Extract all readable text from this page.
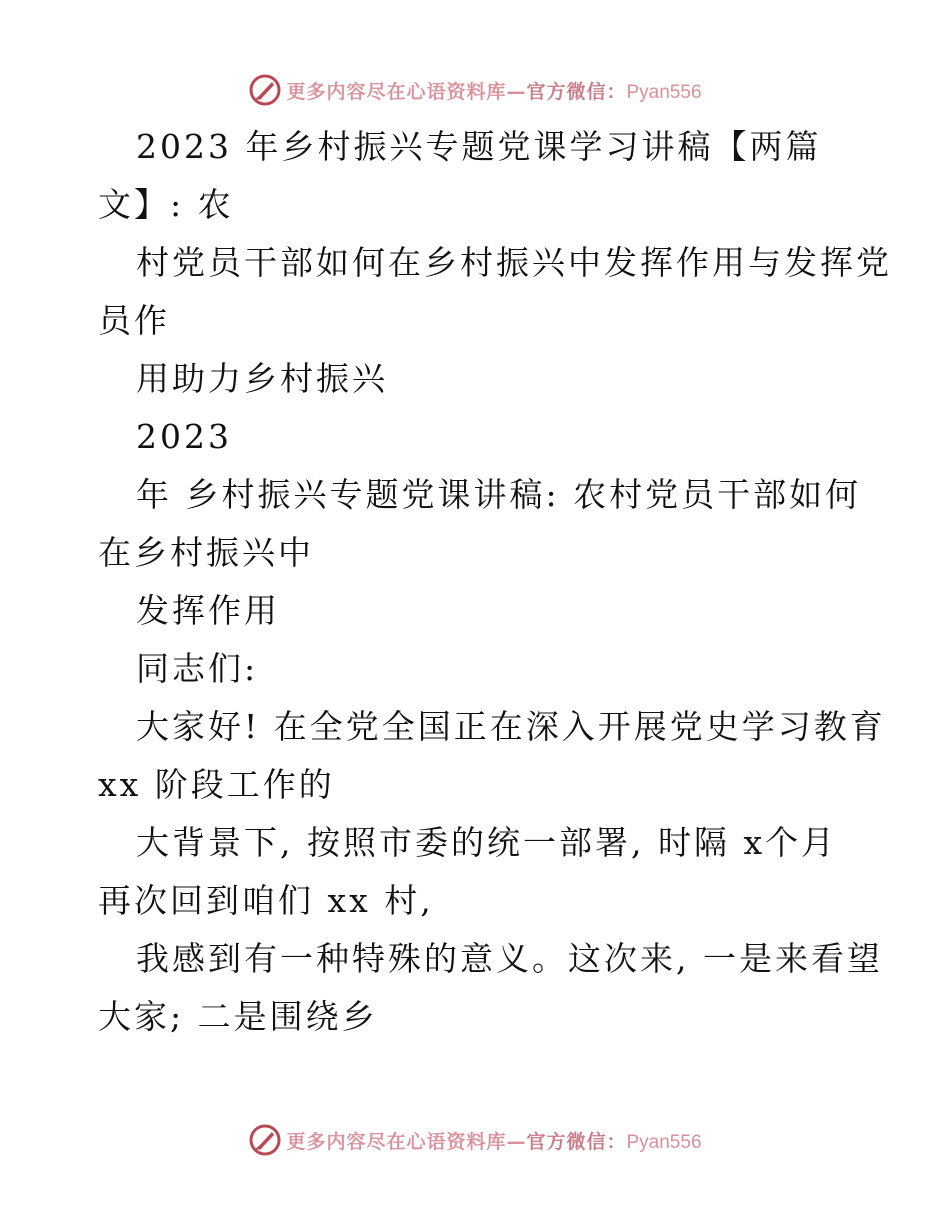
更多内容尽在心语资料库—官方微信：Pyan556
2023 年乡村振兴专题党课学习讲稿【两篇
文】: 农
村党员干部如何在乡村振兴中发挥作用与发挥党
员作
用助力乡村振兴
2023
年 乡村振兴专题党课讲稿: 农村党员干部如何
在乡村振兴中
发挥作用
同志们:
大家好! 在全党全国正在深入开展党史学习教育
xx 阶段工作的
大背景下, 按照市委的统一部署, 时隔 x个月
再次回到咱们 xx 村,
我感到有一种特殊的意义。这次来, 一是来看望
大家; 二是围绕乡
更多内容尽在心语资料库—官方微信：Pyan556
